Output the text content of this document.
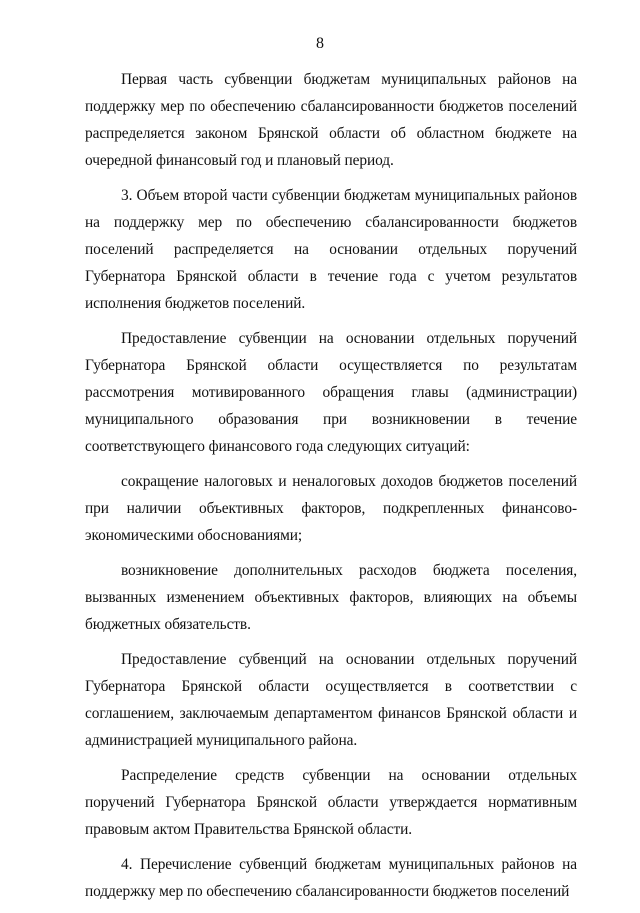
8

Первая часть субвенции бюджетам муниципальных районов на поддержку мер по обеспечению сбалансированности бюджетов поселений распределяется законом Брянской области об областном бюджете на очередной финансовый год и плановый период.

3. Объем второй части субвенции бюджетам муниципальных районов на поддержку мер по обеспечению сбалансированности бюджетов поселений распределяется на основании отдельных поручений Губернатора Брянской области в течение года с учетом результатов исполнения бюджетов поселений.

Предоставление субвенции на основании отдельных поручений Губернатора Брянской области осуществляется по результатам рассмотрения мотивированного обращения главы (администрации) муниципального образования при возникновении в течение соответствующего финансового года следующих ситуаций:

сокращение налоговых и неналоговых доходов бюджетов поселений при наличии объективных факторов, подкрепленных финансово-экономическими обоснованиями;

возникновение дополнительных расходов бюджета поселения, вызванных изменением объективных факторов, влияющих на объемы бюджетных обязательств.

Предоставление субвенций на основании отдельных поручений Губернатора Брянской области осуществляется в соответствии с соглашением, заключаемым департаментом финансов Брянской области и администрацией муниципального района.

Распределение средств субвенции на основании отдельных поручений Губернатора Брянской области утверждается нормативным правовым актом Правительства Брянской области.

4. Перечисление субвенций бюджетам муниципальных районов на поддержку мер по обеспечению сбалансированности бюджетов поселений
